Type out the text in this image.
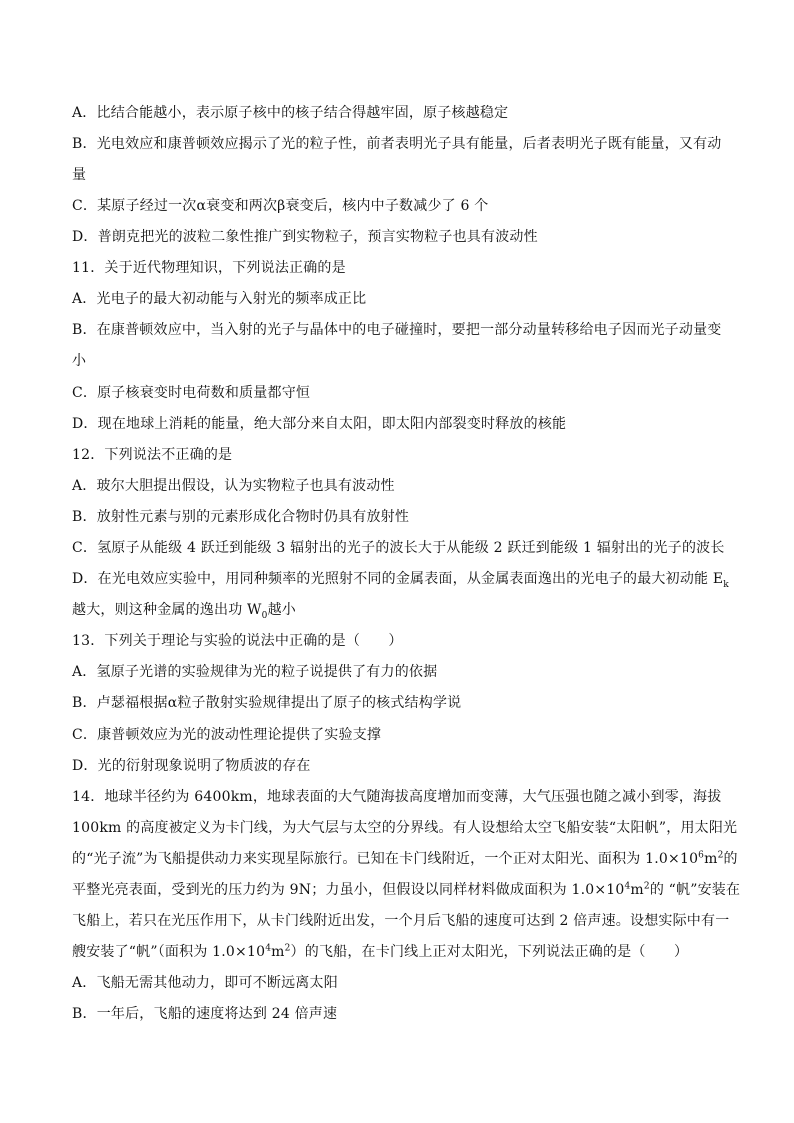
A．比结合能越小，表示原子核中的核子结合得越牢固，原子核越稳定
B．光电效应和康普顿效应揭示了光的粒子性，前者表明光子具有能量，后者表明光子既有能量，又有动
量
C．某原子经过一次α衰变和两次β衰变后，核内中子数减少了 6 个
D．普朗克把光的波粒二象性推广到实物粒子，预言实物粒子也具有波动性
11．关于近代物理知识，下列说法正确的是
A．光电子的最大初动能与入射光的频率成正比
B．在康普顿效应中，当入射的光子与晶体中的电子碰撞时，要把一部分动量转移给电子因而光子动量变
小
C．原子核衰变时电荷数和质量都守恒
D．现在地球上消耗的能量，绝大部分来自太阳，即太阳内部裂变时释放的核能
12．下列说法不正确的是
A．玻尔大胆提出假设，认为实物粒子也具有波动性
B．放射性元素与别的元素形成化合物时仍具有放射性
C．氢原子从能级 4 跃迁到能级 3 辐射出的光子的波长大于从能级 2 跃迁到能级 1 辐射出的光子的波长
D．在光电效应实验中，用同种频率的光照射不同的金属表面，从金属表面逸出的光电子的最大初动能 $E_k$
越大，则这种金属的逸出功 $W_0$越小
13．下列关于理论与实验的说法中正确的是（　　）
A．氢原子光谱的实验规律为光的粒子说提供了有力的依据
B．卢瑟福根据α粒子散射实验规律提出了原子的核式结构学说
C．康普顿效应为光的波动性理论提供了实验支撑
D．光的衍射现象说明了物质波的存在
14．地球半径约为 6400km，地球表面的大气随海拔高度增加而变薄，大气压强也随之减小到零，海拔
100km 的高度被定义为卡门线，为大气层与太空的分界线。有人设想给太空飞船安装“太阳帆”，用太阳光
的“光子流”为飞船提供动力来实现星际旅行。已知在卡门线附近，一个正对太阳光、面积为 $1.0\times 10^6m^2$的
平整光亮表面，受到光的压力约为 9N；力虽小，但假设以同样材料做成面积为 $1.0\times 10^4m^2$的 “帆”安装在
飞船上，若只在光压作用下，从卡门线附近出发，一个月后飞船的速度可达到 2 倍声速。设想实际中有一
艘安装了“帆”（面积为 $1.0\times 10^4m^2$）的飞船，在卡门线上正对太阳光，下列说法正确的是（　　）
A．飞船无需其他动力，即可不断远离太阳
B．一年后，飞船的速度将达到 24 倍声速
